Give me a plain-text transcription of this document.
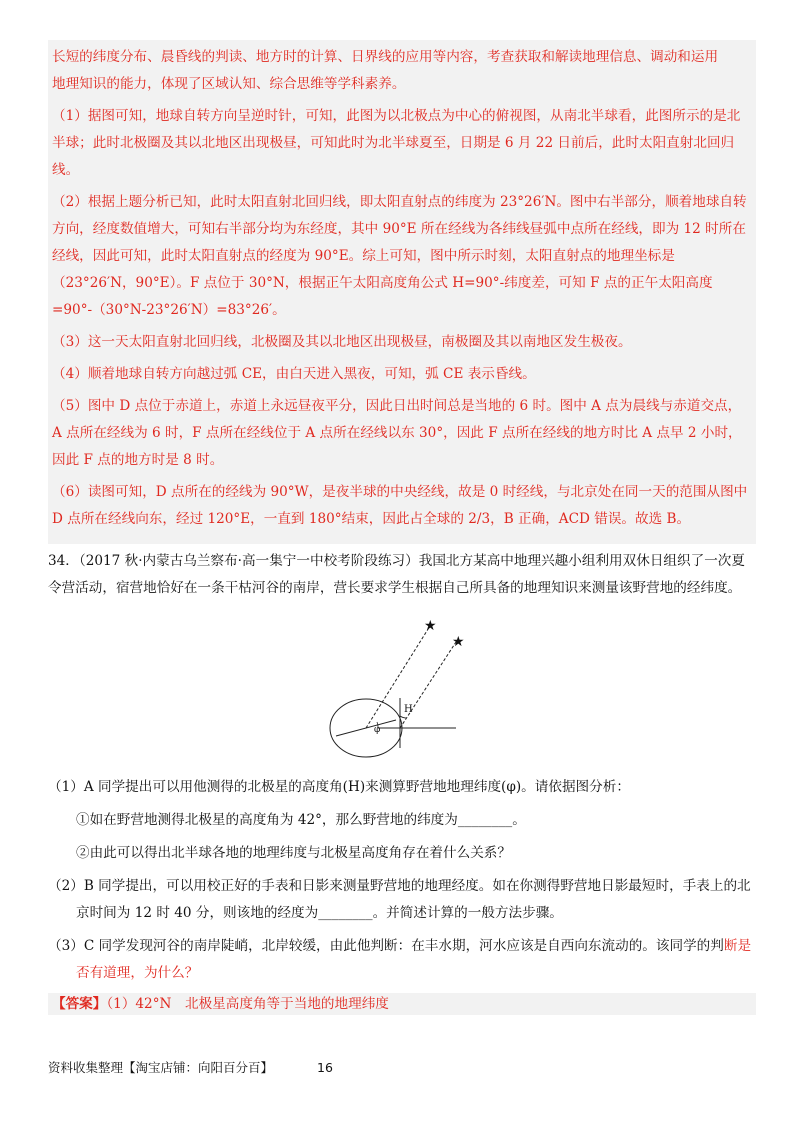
长短的纬度分布、晨昏线的判读、地方时的计算、日界线的应用等内容，考查获取和解读地理信息、调动和运用
地理知识的能力，体现了区域认知、综合思维等学科素养。

（1）据图可知，地球自转方向呈逆时针，可知，此图为以北极点为中心的俯视图，从南北半球看，此图所示的是北半球；此时北极圈及其以北地区出现极昼，可知此时为北半球夏至，日期是 6 月 22 日前后，此时太阳直射北回归线。

（2）根据上题分析已知，此时太阳直射北回归线，即太阳直射点的纬度为 23°26′N。图中右半部分，顺着地球自转方向，经度数值增大，可知右半部分均为东经度，其中 90°E 所在经线为各纬线昼弧中点所在经线，即为 12 时所在经线，因此可知，此时太阳直射点的经度为 90°E。综上可知，图中所示时刻，太阳直射点的地理坐标是（23°26′N，90°E）。F 点位于 30°N，根据正午太阳高度角公式 H=90°-纬度差，可知 F 点的正午太阳高度=90°-（30°N-23°26′N）=83°26′。

（3）这一天太阳直射北回归线，北极圈及其以北地区出现极昼，南极圈及其以南地区发生极夜。

（4）顺着地球自转方向越过弧 CE，由白天进入黑夜，可知，弧 CE 表示昏线。

（5）图中 D 点位于赤道上，赤道上永远昼夜平分，因此日出时间总是当地的 6 时。图中 A 点为晨线与赤道交点，A 点所在经线为 6 时，F 点所在经线位于 A 点所在经线以东 30°，因此 F 点所在经线的地方时比 A 点早 2 小时，因此 F 点的地方时是 8 时。

（6）读图可知，D 点所在的经线为 90°W，是夜半球的中央经线，故是 0 时经线，与北京处在同一天的范围从图中 D 点所在经线向东，经过 120°E，一直到 180°结束，因此占全球的 2/3，B 正确，ACD 错误。故选 B。

34．（2017 秋·内蒙古乌兰察布·高一集宁一中校考阶段练习）我国北方某高中地理兴趣小组利用双休日组织了一次夏令营活动，宿营地恰好在一条干枯河谷的南岸，营长要求学生根据自己所具备的地理知识来测量该野营地的经纬度。

★
★
H
φ

（1）A 同学提出可以用他测得的北极星的高度角(H)来测算野营地地理纬度(φ)。请依据图分析：

①如在野营地测得北极星的高度角为 42°，那么野营地的纬度为________。

②由此可以得出北半球各地的地理纬度与北极星高度角存在着什么关系？

（2）B 同学提出，可以用校正好的手表和日影来测量野营地的地理经度。如在你测得野营地日影最短时，手表上的北京时间为 12 时 40 分，则该地的经度为________。并简述计算的一般方法步骤。

（3）C 同学发现河谷的南岸陡峭，北岸较缓，由此他判断：在丰水期，河水应该是自西向东流动的。该同学的判断是否有道理，为什么？

【答案】（1）42°N　北极星高度角等于当地的地理纬度
资料收集整理【淘宝店铺：向阳百分百】	16
